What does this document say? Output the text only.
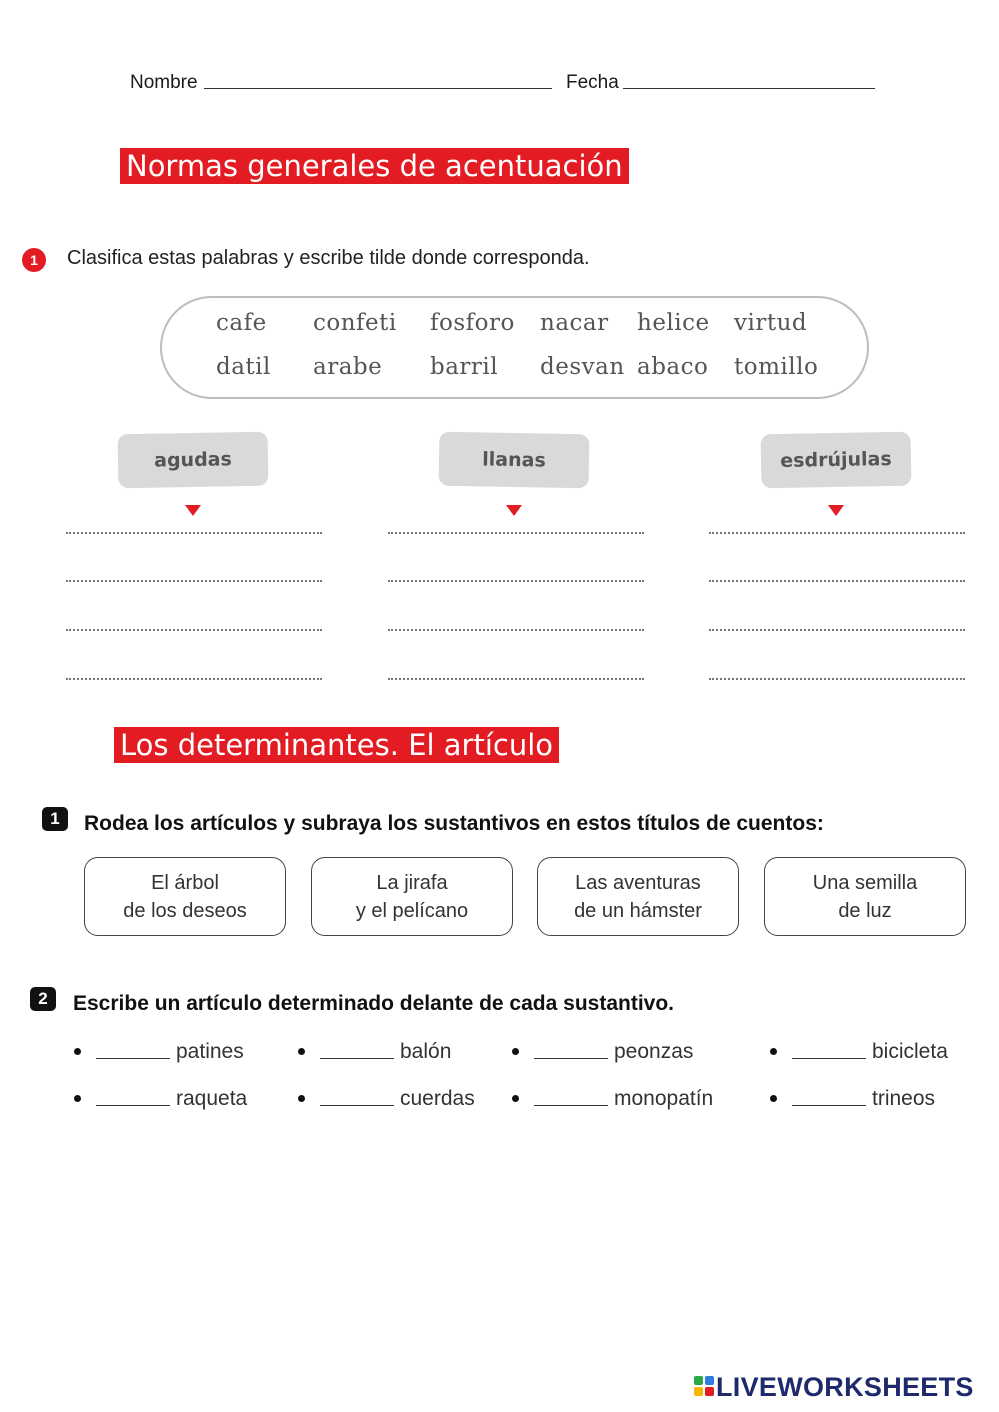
Nombre	Fecha
Normas generales de acentuación
1	Clasifica estas palabras y escribe tilde donde corresponda.
cafe confeti fosforo nacar helice virtud
datil arabe barril desvan abaco tomillo
agudas	llanas	esdrújulas
Los determinantes. El artículo
1	Rodea los artículos y subraya los sustantivos en estos títulos de cuentos:
El árbol
de los deseos
La jirafa
y el pelícano
Las aventuras
de un hámster
Una semilla
de luz
2	Escribe un artículo determinado delante de cada sustantivo.
patines	balón	peonzas	bicicleta
raqueta	cuerdas	monopatín	trineos
LIVEWORKSHEETS
